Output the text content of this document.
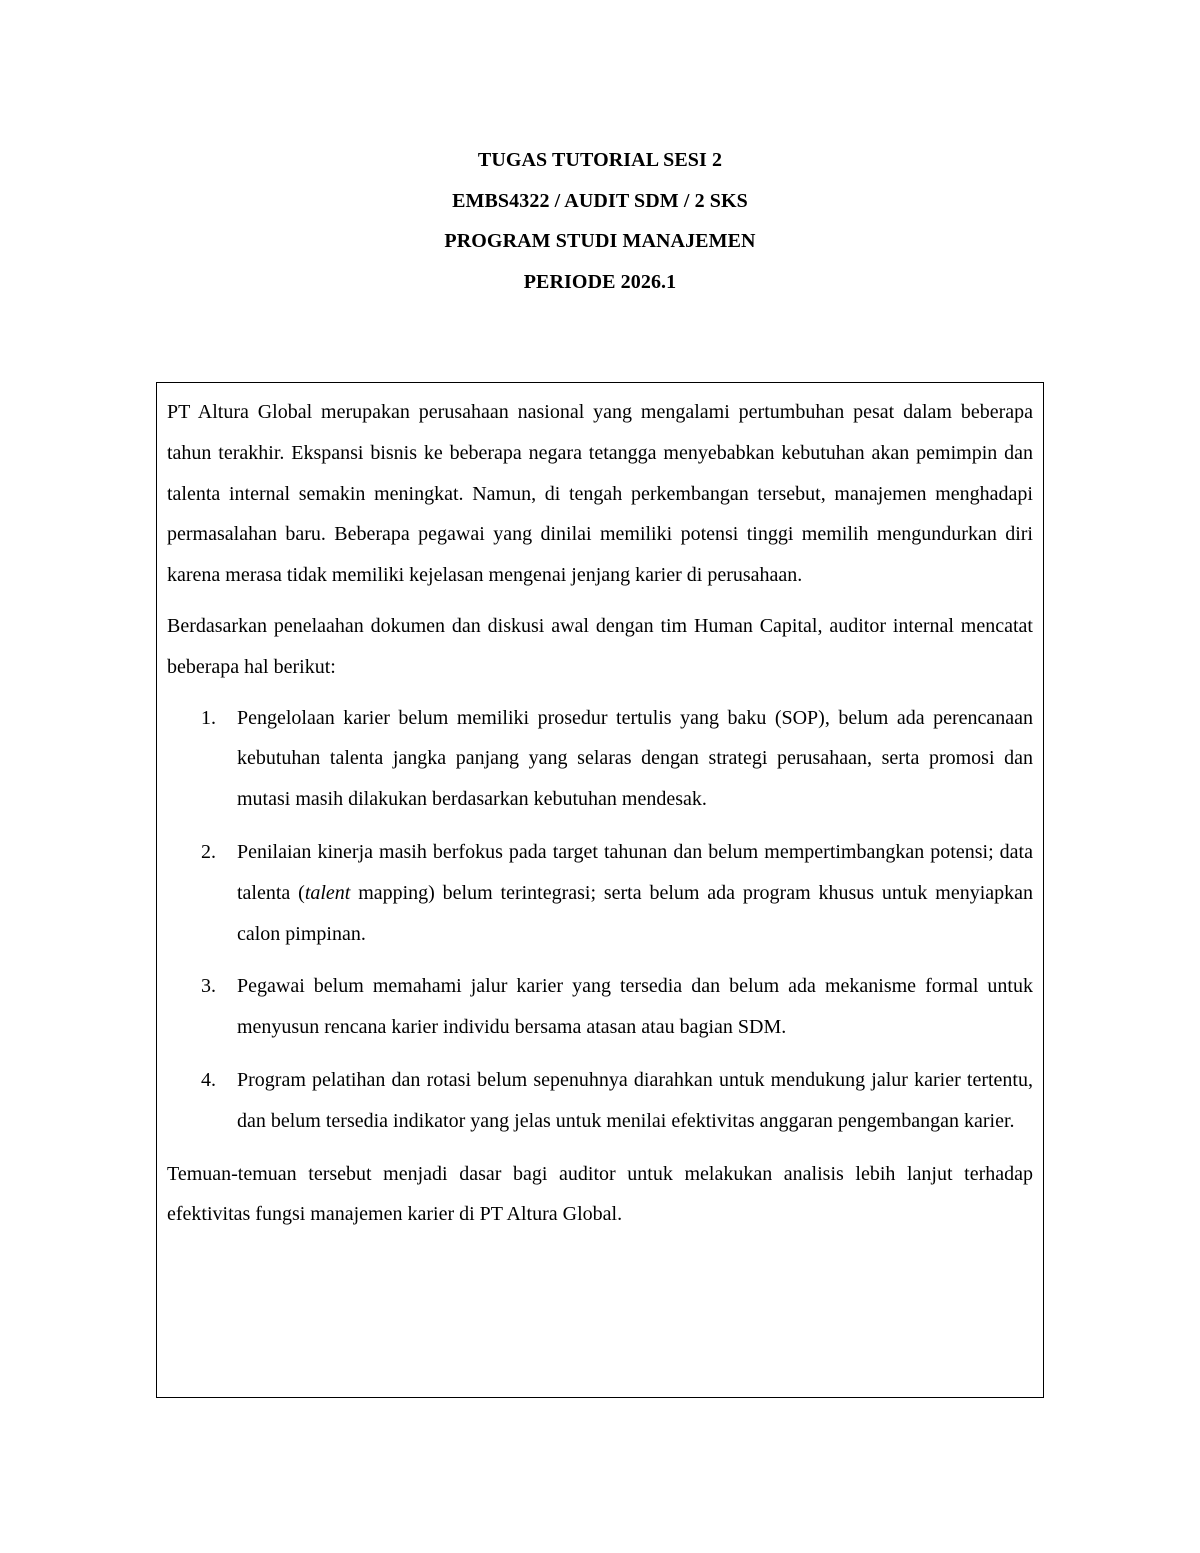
TUGAS TUTORIAL SESI 2
EMBS4322 / AUDIT SDM / 2 SKS
PROGRAM STUDI MANAJEMEN
PERIODE 2026.1

PT Altura Global merupakan perusahaan nasional yang mengalami pertumbuhan pesat dalam beberapa tahun terakhir. Ekspansi bisnis ke beberapa negara tetangga menyebabkan kebutuhan akan pemimpin dan talenta internal semakin meningkat. Namun, di tengah perkembangan tersebut, manajemen menghadapi permasalahan baru. Beberapa pegawai yang dinilai memiliki potensi tinggi memilih mengundurkan diri karena merasa tidak memiliki kejelasan mengenai jenjang karier di perusahaan.

Berdasarkan penelaahan dokumen dan diskusi awal dengan tim Human Capital, auditor internal mencatat beberapa hal berikut:

1. Pengelolaan karier belum memiliki prosedur tertulis yang baku (SOP), belum ada perencanaan kebutuhan talenta jangka panjang yang selaras dengan strategi perusahaan, serta promosi dan mutasi masih dilakukan berdasarkan kebutuhan mendesak.
2. Penilaian kinerja masih berfokus pada target tahunan dan belum mempertimbangkan potensi; data talenta (talent mapping) belum terintegrasi; serta belum ada program khusus untuk menyiapkan calon pimpinan.
3. Pegawai belum memahami jalur karier yang tersedia dan belum ada mekanisme formal untuk menyusun rencana karier individu bersama atasan atau bagian SDM.
4. Program pelatihan dan rotasi belum sepenuhnya diarahkan untuk mendukung jalur karier tertentu, dan belum tersedia indikator yang jelas untuk menilai efektivitas anggaran pengembangan karier.

Temuan-temuan tersebut menjadi dasar bagi auditor untuk melakukan analisis lebih lanjut terhadap efektivitas fungsi manajemen karier di PT Altura Global.
